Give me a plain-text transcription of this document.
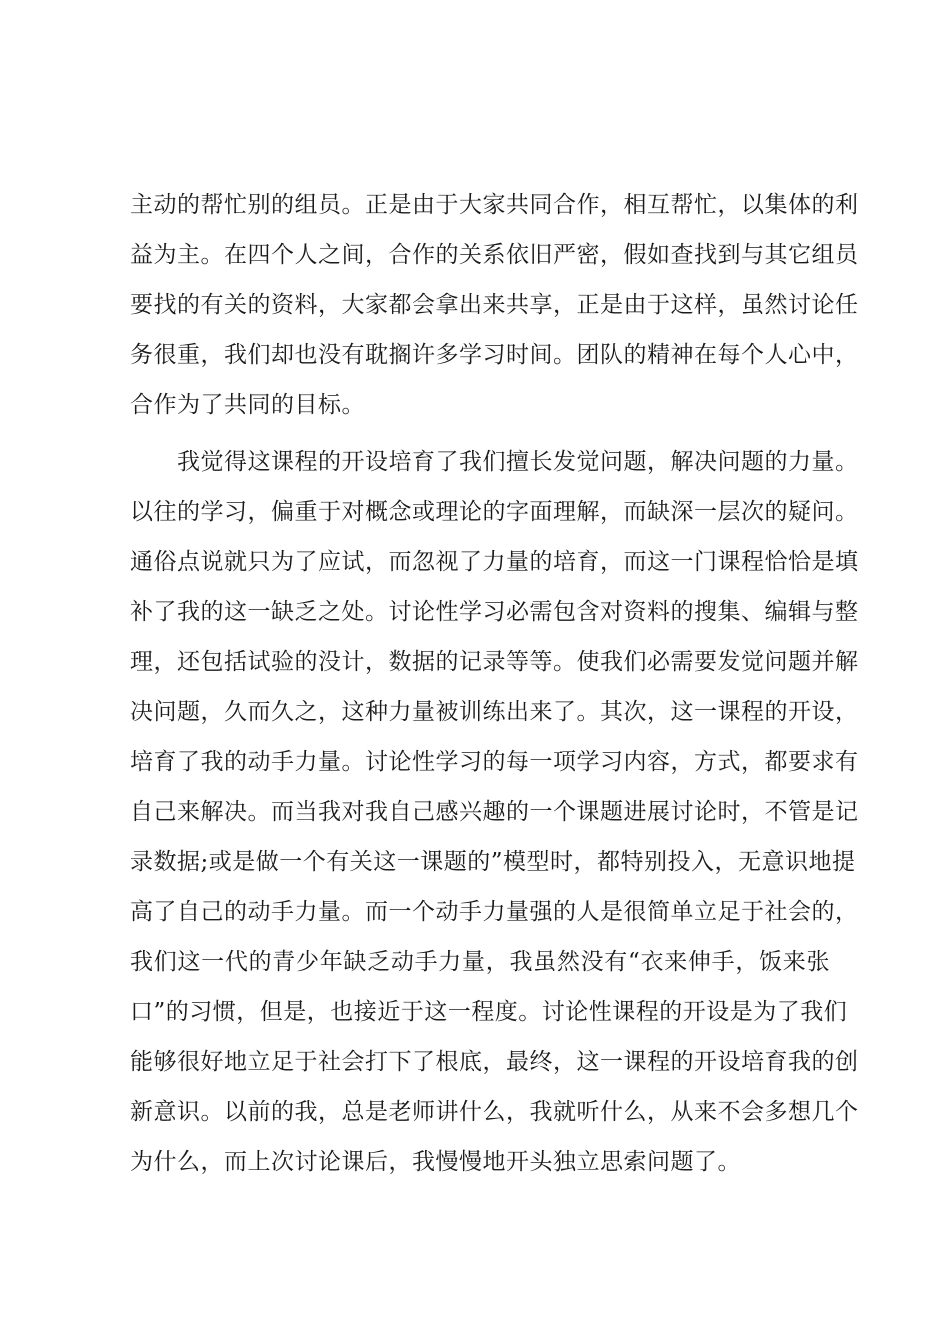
主动的帮忙别的组员。正是由于大家共同合作，相互帮忙，以集体的利
益为主。在四个人之间，合作的关系依旧严密，假如查找到与其它组员
要找的有关的资料，大家都会拿出来共享，正是由于这样，虽然讨论任
务很重，我们却也没有耽搁许多学习时间。团队的精神在每个人心中，
合作为了共同的目标。
　　我觉得这课程的开设培育了我们擅长发觉问题，解决问题的力量。
以往的学习，偏重于对概念或理论的字面理解，而缺深一层次的疑问。
通俗点说就只为了应试，而忽视了力量的培育，而这一门课程恰恰是填
补了我的这一缺乏之处。讨论性学习必需包含对资料的搜集、编辑与整
理，还包括试验的没计，数据的记录等等。使我们必需要发觉问题并解
决问题，久而久之，这种力量被训练出来了。其次，这一课程的开设，
培育了我的动手力量。讨论性学习的每一项学习内容，方式，都要求有
自己来解决。而当我对我自己感兴趣的一个课题进展讨论时，不管是记
录数据;或是做一个有关这一课题的”模型时，都特别投入，无意识地提
高了自己的动手力量。而一个动手力量强的人是很简单立足于社会的，
我们这一代的青少年缺乏动手力量，我虽然没有“衣来伸手，饭来张
口”的习惯，但是，也接近于这一程度。讨论性课程的开设是为了我们
能够很好地立足于社会打下了根底，最终，这一课程的开设培育我的创
新意识。以前的我，总是老师讲什么，我就听什么，从来不会多想几个
为什么，而上次讨论课后，我慢慢地开头独立思索问题了。
